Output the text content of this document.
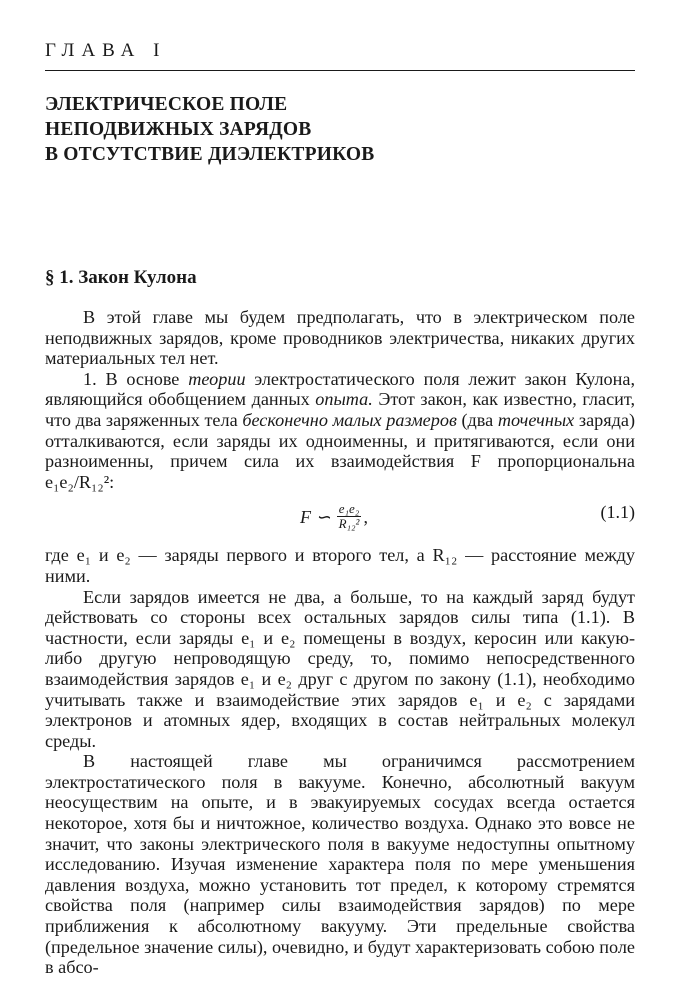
ГЛАВА I
ЭЛЕКТРИЧЕСКОЕ ПОЛЕ
НЕПОДВИЖНЫХ ЗАРЯДОВ
В ОТСУТСТВИЕ ДИЭЛЕКТРИКОВ
§ 1. Закон Кулона

В этой главе мы будем предполагать, что в электрическом поле неподвижных зарядов, кроме проводников электричества, никаких других материальных тел нет.

1. В основе теории электростатического поля лежит закон Кулона, являющийся обобщением данных опыта. Этот закон, как известно, гласит, что два заряженных тела бесконечно малых размеров (два точечных заряда) отталкиваются, если заряды их одноименны, и притягиваются, если они разноименны, причем сила их взаимодействия F пропорциональна e₁e₂/R₁₂²:

F ∽ $\frac{\text{e₁e₂}}{\text{R₁₂²}}$ ,	(1.1)

где e₁ и e₂ — заряды первого и второго тел, а R₁₂ — расстояние между ними.

Если зарядов имеется не два, а больше, то на каждый заряд будут действовать со стороны всех остальных зарядов силы типа (1.1). В частности, если заряды e₁ и e₂ помещены в воздух, керосин или какую-либо другую непроводящую среду, то, помимо непосредственного взаимодействия зарядов e₁ и e₂ друг с другом по закону (1.1), необходимо учитывать также и взаимодействие этих зарядов e₁ и e₂ с зарядами электронов и атомных ядер, входящих в состав нейтральных молекул среды.

В настоящей главе мы ограничимся рассмотрением электростатического поля в вакууме. Конечно, абсолютный вакуум неосуществим на опыте, и в эвакуируемых сосудах всегда остается некоторое, хотя бы и ничтожное, количество воздуха. Однако это вовсе не значит, что законы электрического поля в вакууме недоступны опытному исследованию. Изучая изменение характера поля по мере уменьшения давления воздуха, можно установить тот предел, к которому стремятся свойства поля (например силы взаимодействия зарядов) по мере приближения к абсолютному вакууму. Эти предельные свойства (предельное значение силы), очевидно, и будут характеризовать собою поле в абсо-
